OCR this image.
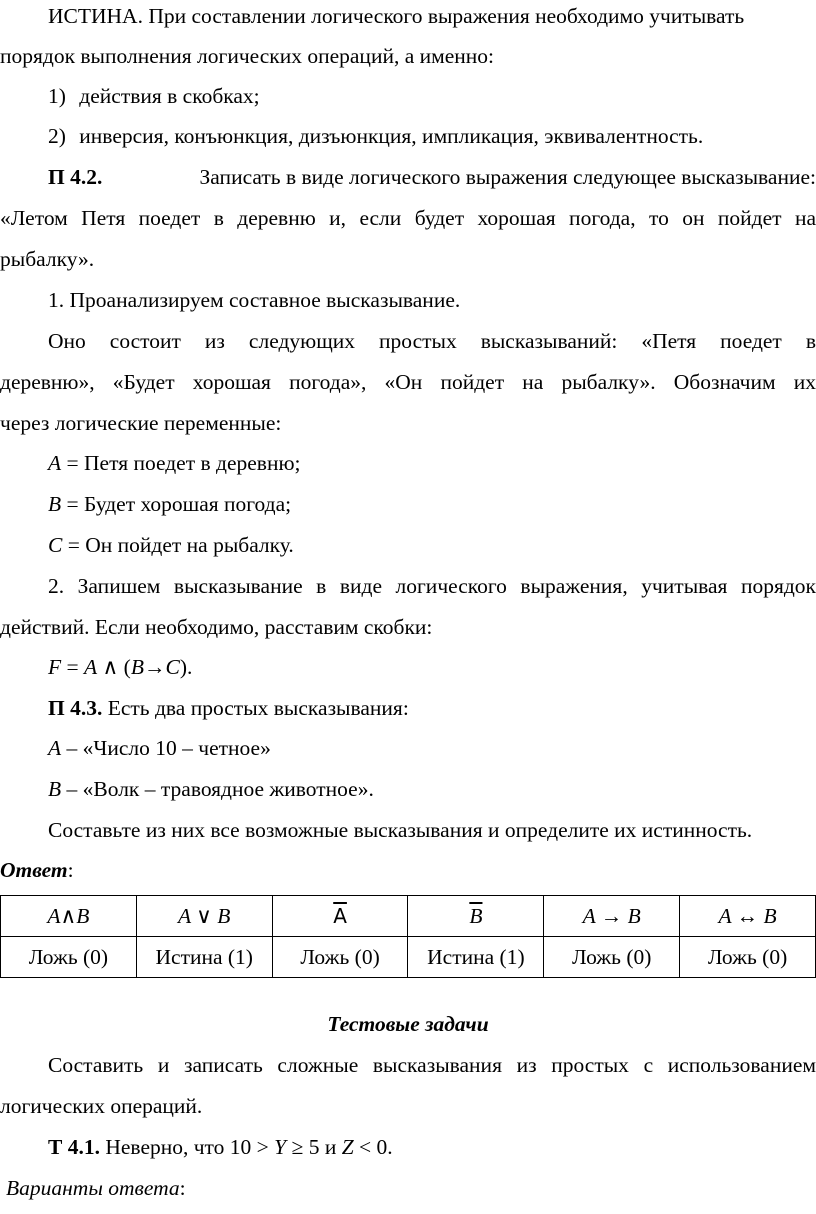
ИСТИНА. При составлении логического выражения необходимо учитывать
порядок выполнения логических операций, а именно:
1) действия в скобках;
2) инверсия, конъюнкция, дизъюнкция, импликация, эквивалентность.
П 4.2.	Записать в виде логического выражения следующее высказывание:
«Летом Петя поедет в деревню и, если будет хорошая погода, то он пойдет на
рыбалку».
1. Проанализируем составное высказывание.
Оно состоит из следующих простых высказываний: «Петя поедет в
деревню», «Будет хорошая погода», «Он пойдет на рыбалку». Обозначим их
через логические переменные:
A = Петя поедет в деревню;
B = Будет хорошая погода;
C = Он пойдет на рыбалку.
2. Запишем высказывание в виде логического выражения, учитывая порядок
действий. Если необходимо, расставим скобки:
F = A ∧ (B→C).
П 4.3. Есть два простых высказывания:
A – «Число 10 – четное»
B – «Волк – травоядное животное».
Составьте из них все возможные высказывания и определите их истинность.
Ответ:
A∧B	A ∨ B	$\overline{A}$	$\overline{B}$	A → B	A ↔ B
Ложь (0)	Истина (1)	Ложь (0)	Истина (1)	Ложь (0)	Ложь (0)
Тестовые задачи
Составить и записать сложные высказывания из простых с использованием
логических операций.
Т 4.1. Неверно, что 10 > Y ≥ 5 и Z < 0.
Варианты ответа:
